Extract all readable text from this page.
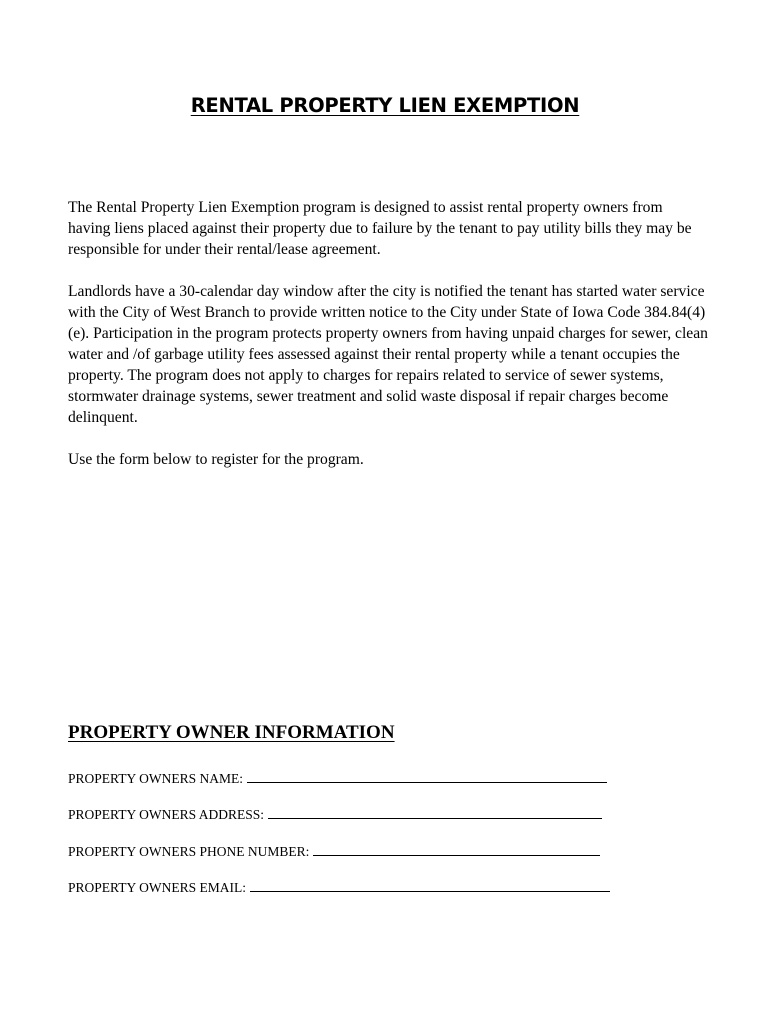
RENTAL PROPERTY LIEN EXEMPTION

The Rental Property Lien Exemption program is designed to assist rental property owners from having liens placed against their property due to failure by the tenant to pay utility bills they may be responsible for under their rental/lease agreement.

Landlords have a 30-calendar day window after the city is notified the tenant has started water service with the City of West Branch to provide written notice to the City under State of Iowa Code 384.84(4)(e). Participation in the program protects property owners from having unpaid charges for sewer, clean water and /of garbage utility fees assessed against their rental property while a tenant occupies the property. The program does not apply to charges for repairs related to service of sewer systems, stormwater drainage systems, sewer treatment and solid waste disposal if repair charges become delinquent.

Use the form below to register for the program.

PROPERTY OWNER INFORMATION
PROPERTY OWNERS NAME:
PROPERTY OWNERS ADDRESS:
PROPERTY OWNERS PHONE NUMBER:
PROPERTY OWNERS EMAIL:
